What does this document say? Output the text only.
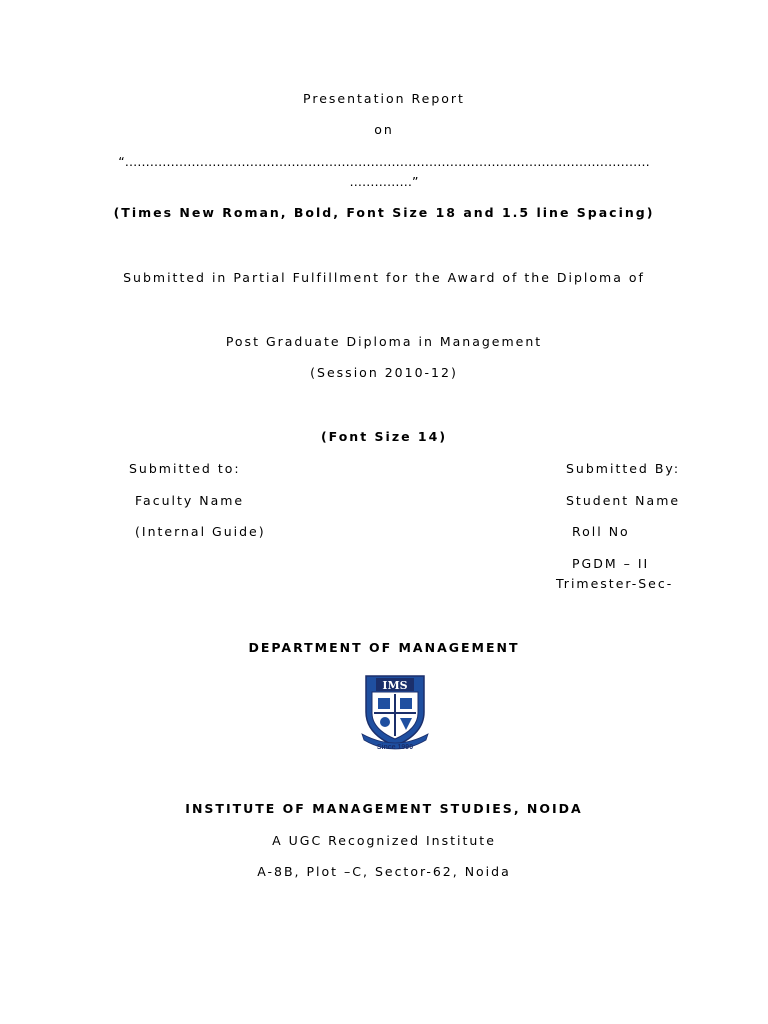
Presentation Report
on
“………………………………………………………………………………………………………………
……………”
(Times New Roman, Bold, Font Size 18 and 1.5 line Spacing)
Submitted in Partial Fulfillment for the Award of the Diploma of
Post Graduate Diploma in Management
(Session 2010-12)
(Font Size 14)
Submitted to:
Faculty Name
(Internal Guide)
Submitted By:
Student Name
Roll No
PGDM – II
Trimester-Sec-
DEPARTMENT OF MANAGEMENT
IMS
Since 1990
INSTITUTE OF MANAGEMENT STUDIES, NOIDA
A UGC Recognized Institute
A-8B, Plot –C, Sector-62, Noida
